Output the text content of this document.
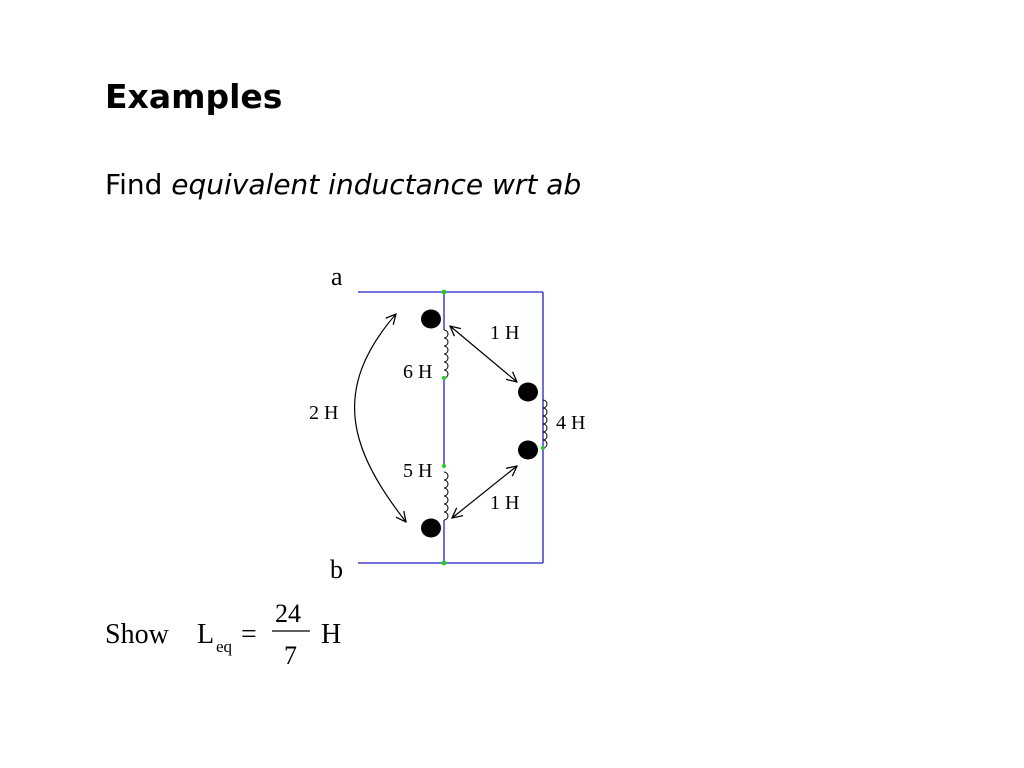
Examples
Find equivalent inductance wrt ab
a
b
6 H
5 H
4 H
1 H
1 H
2 H
Show L eq =
24
7
H
